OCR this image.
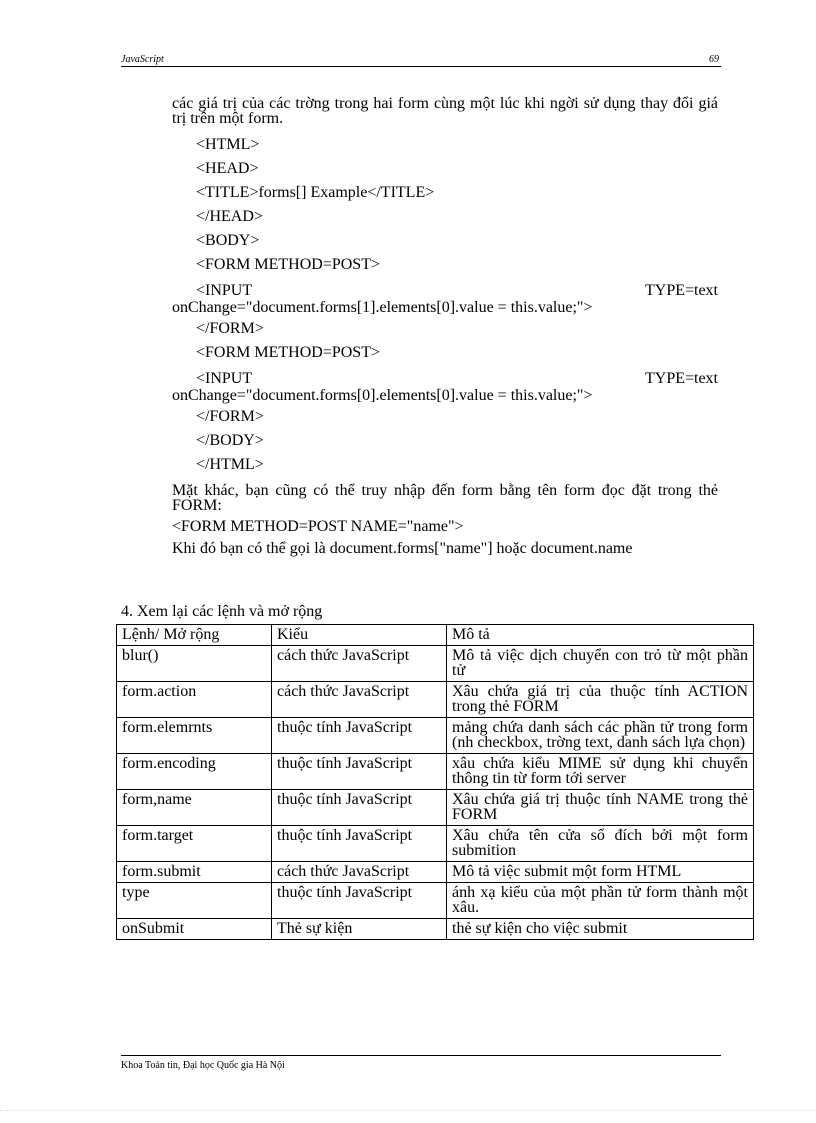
JavaScript	69

các giá trị của các trờng trong hai form cùng một lúc khi ngời sử dụng thay đổi giá trị trên một form.

<HTML>

<HEAD>

<TITLE>forms[] Example</TITLE>

</HEAD>

<BODY>

<FORM METHOD=POST>

<INPUT	TYPE=text

onChange="document.forms[1].elements[0].value = this.value;">

</FORM>

<FORM METHOD=POST>

<INPUT	TYPE=text

onChange="document.forms[0].elements[0].value = this.value;">

</FORM>

</BODY>

</HTML>

Mặt khác, bạn cũng có thể truy nhập đến form bằng tên form đọc đặt trong thẻ FORM:

<FORM METHOD=POST NAME="name">

Khi đó bạn có thể gọi là document.forms["name"] hoặc document.name

4. Xem lại các lệnh và mở rộng
Lệnh/ Mở rộng	Kiểu	Mô tả
blur()	cách thức JavaScript	Mô tả việc dịch chuyển con trỏ từ một phần tử
form.action	cách thức JavaScript	Xâu chứa giá trị của thuộc tính ACTION trong thẻ FORM
form.elemrnts	thuộc tính JavaScript	mảng chứa danh sách các phần tử trong form (nh checkbox, trờng text, danh sách lựa chọn)
form.encoding	thuộc tính JavaScript	xâu chứa kiểu MIME sử dụng khi chuyển thông tin từ form tới server
form,name	thuộc tính JavaScript	Xâu chứa giá trị thuộc tính NAME trong thẻ FORM
form.target	thuộc tính JavaScript	Xâu chứa tên cửa sổ đích bởi một form submition
form.submit	cách thức JavaScript	Mô tả việc submit một form HTML
type	thuộc tính JavaScript	ánh xạ kiểu của một phần tử form thành một xâu.
onSubmit	Thẻ sự kiện	thẻ sự kiện cho việc submit
Khoa Toán tin, Đại học Quốc gia Hà Nội
